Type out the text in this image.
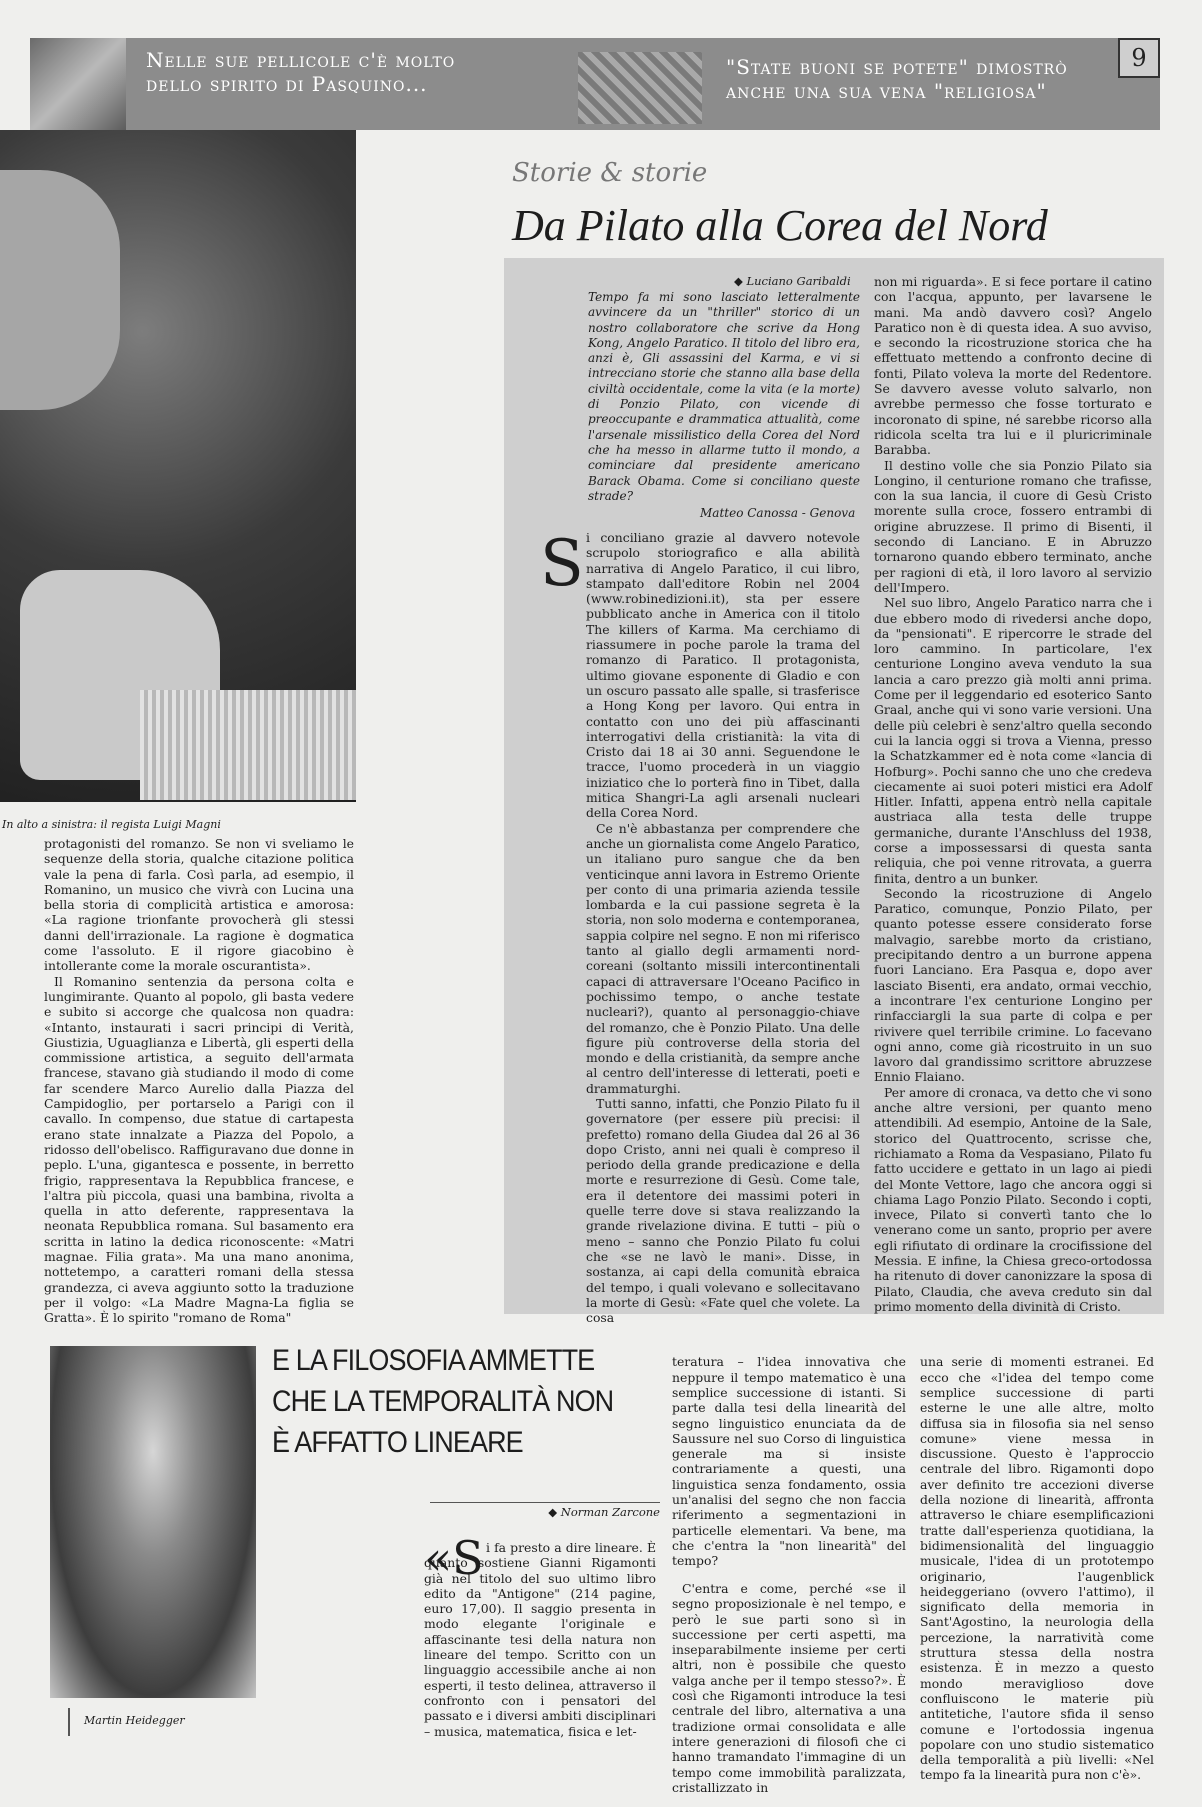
Nelle sue pellicole c'è molto dello spirito di Pasquino...
"State buoni se potete" dimostrò anche una sua vena "religiosa"
9
In alto a sinistra: il regista Luigi Magni

protagonisti del romanzo. Se non vi sveliamo le sequenze della storia, qualche citazione politica vale la pena di farla. Così parla, ad esempio, il Romanino, un musico che vivrà con Lucina una bella storia di complicità artistica e amorosa: «La ragione trionfante provocherà gli stessi danni dell'irrazionale. La ragione è dogmatica come l'assoluto. E il rigore giacobino è intollerante come la morale oscurantista».

Il Romanino sentenzia da persona colta e lungimirante. Quanto al popolo, gli basta vedere e subito si accorge che qualcosa non quadra: «Intanto, instaurati i sacri principi di Verità, Giustizia, Uguaglianza e Libertà, gli esperti della commissione artistica, a seguito dell'armata francese, stavano già studiando il modo di come far scendere Marco Aurelio dalla Piazza del Campidoglio, per portarselo a Parigi con il cavallo. In compenso, due statue di cartapesta erano state innalzate a Piazza del Popolo, a ridosso dell'obelisco. Raffiguravano due donne in peplo. L'una, gigantesca e possente, in berretto frigio, rappresentava la Repubblica francese, e l'altra più piccola, quasi una bambina, rivolta a quella in atto deferente, rappresentava la neonata Repubblica romana. Sul basamento era scritta in latino la dedica riconoscente: «Matri magnae. Filia grata». Ma una mano anonima, nottetempo, a caratteri romani della stessa grandezza, ci aveva aggiunto sotto la traduzione per il volgo: «La Madre Magna-La figlia se Gratta». È lo spirito "romano de Roma"

Storie & storie
Da Pilato alla Corea del Nord
◆ Luciano Garibaldi
Tempo fa mi sono lasciato letteralmente avvincere da un "thriller" storico di un nostro collaboratore che scrive da Hong Kong, Angelo Paratico. Il titolo del libro era, anzi è, Gli assassini del Karma, e vi si intrecciano storie che stanno alla base della civiltà occidentale, come la vita (e la morte) di Ponzio Pilato, con vicende di preoccupante e drammatica attualità, come l'arsenale missilistico della Corea del Nord che ha messo in allarme tutto il mondo, a cominciare dal presidente americano Barack Obama. Come si conciliano queste strade?
Matteo Canossa - Genova
S i conciliano grazie al davvero notevole scrupolo storiografico e alla abilità narrativa di Angelo Paratico, il cui libro, stampato dall'editore Robin nel 2004 (www.robinedizioni.it), sta per essere pubblicato anche in America con il titolo The killers of Karma. Ma cerchiamo di riassumere in poche parole la trama del romanzo di Paratico. Il protagonista, ultimo giovane esponente di Gladio e con un oscuro passato alle spalle, si trasferisce a Hong Kong per lavoro. Qui entra in contatto con uno dei più affascinanti interrogativi della cristianità: la vita di Cristo dai 18 ai 30 anni. Seguendone le tracce, l'uomo procederà in un viaggio iniziatico che lo porterà fino in Tibet, dalla mitica Shangri-La agli arsenali nucleari della Corea Nord.

Ce n'è abbastanza per comprendere che anche un giornalista come Angelo Paratico, un italiano puro sangue che da ben venticinque anni lavora in Estremo Oriente per conto di una primaria azienda tessile lombarda e la cui passione segreta è la storia, non solo moderna e contemporanea, sappia colpire nel segno. E non mi riferisco tanto al giallo degli armamenti nord-coreani (soltanto missili intercontinentali capaci di attraversare l'Oceano Pacifico in pochissimo tempo, o anche testate nucleari?), quanto al personaggio-chiave del romanzo, che è Ponzio Pilato. Una delle figure più controverse della storia del mondo e della cristianità, da sempre anche al centro dell'interesse di letterati, poeti e drammaturghi.

Tutti sanno, infatti, che Ponzio Pilato fu il governatore (per essere più precisi: il prefetto) romano della Giudea dal 26 al 36 dopo Cristo, anni nei quali è compreso il periodo della grande predicazione e della morte e resurrezione di Gesù. Come tale, era il detentore dei massimi poteri in quelle terre dove si stava realizzando la grande rivelazione divina. E tutti – più o meno – sanno che Ponzio Pilato fu colui che «se ne lavò le mani». Disse, in sostanza, ai capi della comunità ebraica del tempo, i quali volevano e sollecitavano la morte di Gesù: «Fate quel che volete. La cosa

non mi riguarda». E si fece portare il catino con l'acqua, appunto, per lavarsene le mani. Ma andò davvero così? Angelo Paratico non è di questa idea. A suo avviso, e secondo la ricostruzione storica che ha effettuato mettendo a confronto decine di fonti, Pilato voleva la morte del Redentore. Se davvero avesse voluto salvarlo, non avrebbe permesso che fosse torturato e incoronato di spine, né sarebbe ricorso alla ridicola scelta tra lui e il pluricriminale Barabba.

Il destino volle che sia Ponzio Pilato sia Longino, il centurione romano che trafisse, con la sua lancia, il cuore di Gesù Cristo morente sulla croce, fossero entrambi di origine abruzzese. Il primo di Bisenti, il secondo di Lanciano. E in Abruzzo tornarono quando ebbero terminato, anche per ragioni di età, il loro lavoro al servizio dell'Impero.

Nel suo libro, Angelo Paratico narra che i due ebbero modo di rivedersi anche dopo, da "pensionati". E ripercorre le strade del loro cammino. In particolare, l'ex centurione Longino aveva venduto la sua lancia a caro prezzo già molti anni prima. Come per il leggendario ed esoterico Santo Graal, anche qui vi sono varie versioni. Una delle più celebri è senz'altro quella secondo cui la lancia oggi si trova a Vienna, presso la Schatzkammer ed è nota come «lancia di Hofburg». Pochi sanno che uno che credeva ciecamente ai suoi poteri mistici era Adolf Hitler. Infatti, appena entrò nella capitale austriaca alla testa delle truppe germaniche, durante l'Anschluss del 1938, corse a impossessarsi di questa santa reliquia, che poi venne ritrovata, a guerra finita, dentro a un bunker.

Secondo la ricostruzione di Angelo Paratico, comunque, Ponzio Pilato, per quanto potesse essere considerato forse malvagio, sarebbe morto da cristiano, precipitando dentro a un burrone appena fuori Lanciano. Era Pasqua e, dopo aver lasciato Bisenti, era andato, ormai vecchio, a incontrare l'ex centurione Longino per rinfacciargli la sua parte di colpa e per rivivere quel terribile crimine. Lo facevano ogni anno, come già ricostruito in un suo lavoro dal grandissimo scrittore abruzzese Ennio Flaiano.

Per amore di cronaca, va detto che vi sono anche altre versioni, per quanto meno attendibili. Ad esempio, Antoine de la Sale, storico del Quattrocento, scrisse che, richiamato a Roma da Vespasiano, Pilato fu fatto uccidere e gettato in un lago ai piedi del Monte Vettore, lago che ancora oggi si chiama Lago Ponzio Pilato. Secondo i copti, invece, Pilato si convertì tanto che lo venerano come un santo, proprio per avere egli rifiutato di ordinare la crocifissione del Messia. E infine, la Chiesa greco-ortodossa ha ritenuto di dover canonizzare la sposa di Pilato, Claudia, che aveva creduto sin dal primo momento della divinità di Cristo.

Martin Heidegger
E LA FILOSOFIA AMMETTE CHE LA TEMPORALITÀ NON È AFFATTO LINEARE
◆ Norman Zarcone
«S i fa presto a dire lineare. È quanto sostiene Gianni Rigamonti già nel titolo del suo ultimo libro edito da "Antigone" (214 pagine, euro 17,00). Il saggio presenta in modo elegante l'originale e affascinante tesi della natura non lineare del tempo. Scritto con un linguaggio accessibile anche ai non esperti, il testo delinea, attraverso il confronto con i pensatori del passato e i diversi ambiti disciplinari – musica, matematica, fisica e let-

teratura – l'idea innovativa che neppure il tempo matematico è una semplice successione di istanti. Si parte dalla tesi della linearità del segno linguistico enunciata da de Saussure nel suo Corso di linguistica generale ma si insiste contrariamente a questi, una linguistica senza fondamento, ossia un'analisi del segno che non faccia riferimento a segmentazioni in particelle elementari. Va bene, ma che c'entra la "non linearità" del tempo?

C'entra e come, perché «se il segno proposizionale è nel tempo, e però le sue parti sono sì in successione per certi aspetti, ma inseparabilmente insieme per certi altri, non è possibile che questo valga anche per il tempo stesso?». È così che Rigamonti introduce la tesi centrale del libro, alternativa a una tradizione ormai consolidata e alle intere generazioni di filosofi che ci hanno tramandato l'immagine di un tempo come immobilità paralizzata, cristallizzato in

una serie di momenti estranei. Ed ecco che «l'idea del tempo come semplice successione di parti esterne le une alle altre, molto diffusa sia in filosofia sia nel senso comune» viene messa in discussione. Questo è l'approccio centrale del libro. Rigamonti dopo aver definito tre accezioni diverse della nozione di linearità, affronta attraverso le chiare esemplificazioni tratte dall'esperienza quotidiana, la bidimensionalità del linguaggio musicale, l'idea di un prototempo originario, l'augenblick heideggeriano (ovvero l'attimo), il significato della memoria in Sant'Agostino, la neurologia della percezione, la narratività come struttura stessa della nostra esistenza. È in mezzo a questo mondo meraviglioso dove confluiscono le materie più antitetiche, l'autore sfida il senso comune e l'ortodossia ingenua popolare con uno studio sistematico della temporalità a più livelli: «Nel tempo fa la linearità pura non c'è».
